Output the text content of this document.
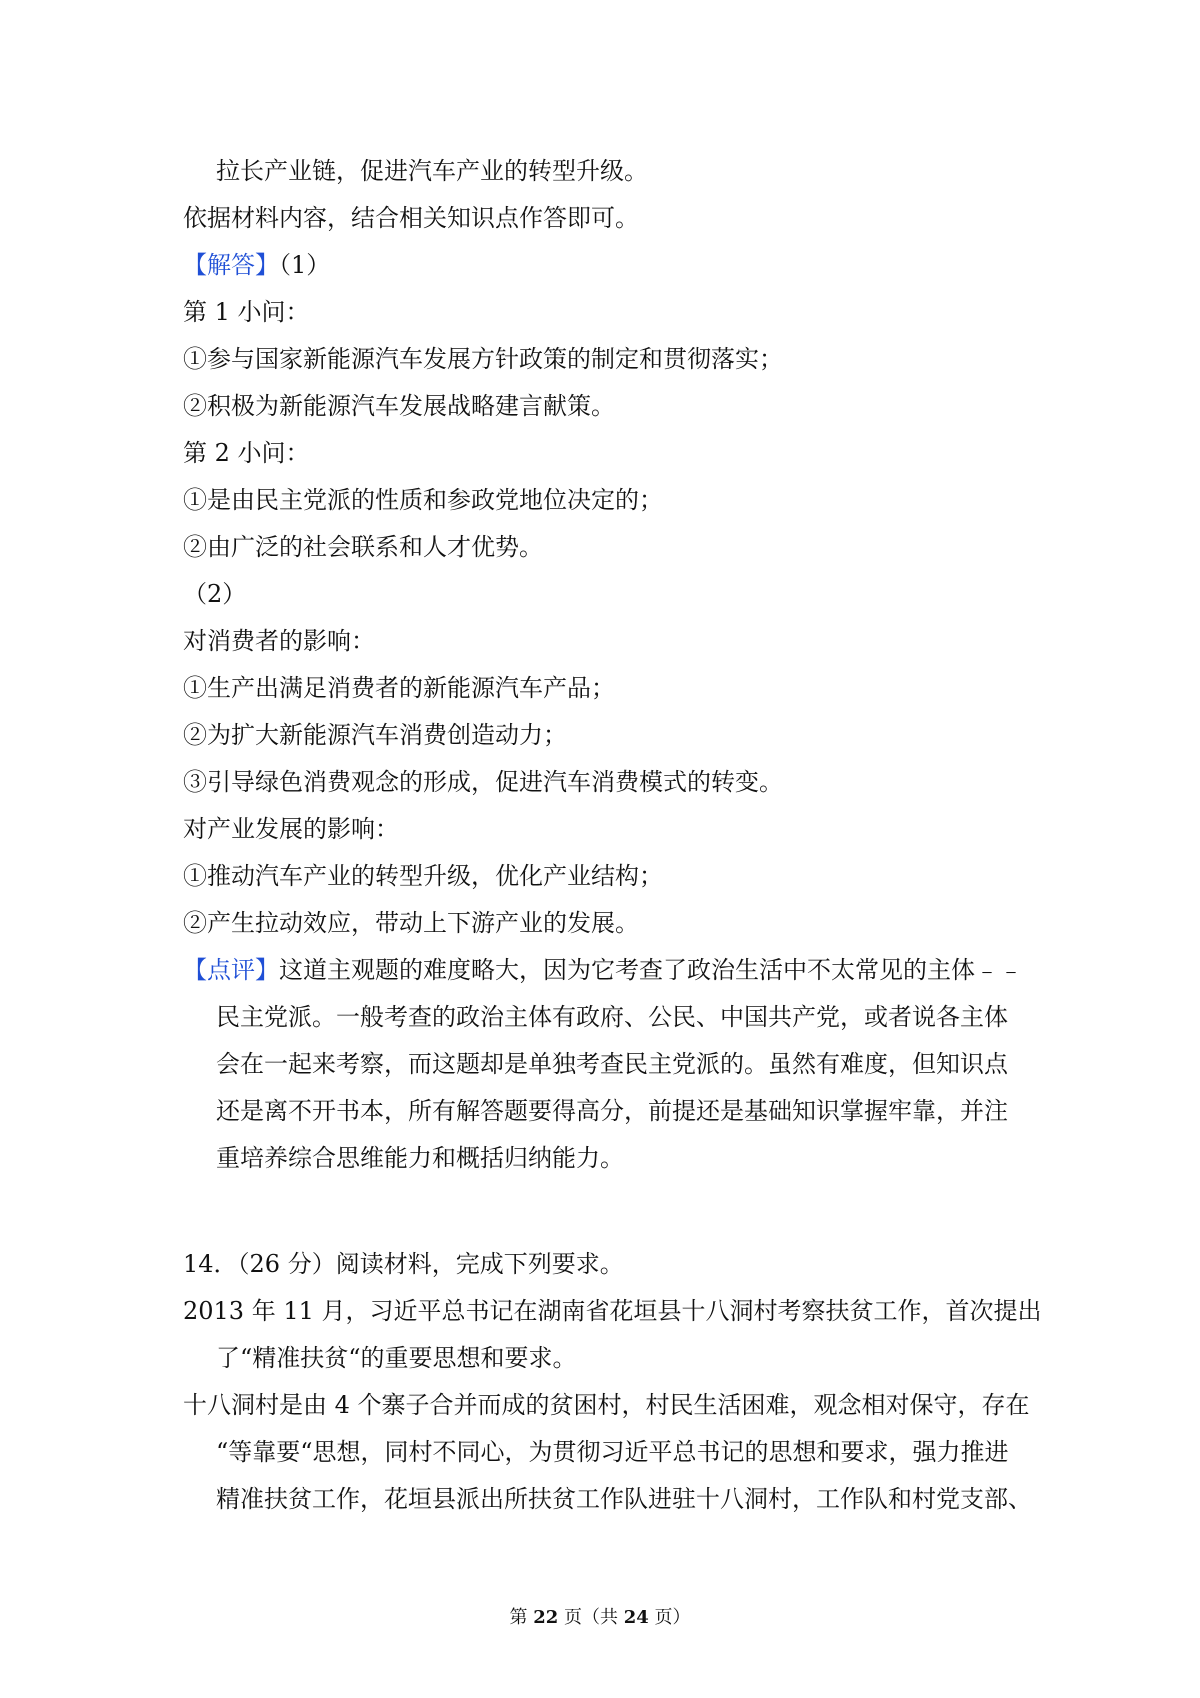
拉长产业链，促进汽车产业的转型升级。
依据材料内容，结合相关知识点作答即可。
【解答】（1）
第 1 小问：
①参与国家新能源汽车发展方针政策的制定和贯彻落实；
②积极为新能源汽车发展战略建言献策。
第 2 小问：
①是由民主党派的性质和参政党地位决定的；
②由广泛的社会联系和人才优势。
（2）
对消费者的影响：
①生产出满足消费者的新能源汽车产品；
②为扩大新能源汽车消费创造动力；
③引导绿色消费观念的形成，促进汽车消费模式的转变。
对产业发展的影响：
①推动汽车产业的转型升级，优化产业结构；
②产生拉动效应，带动上下游产业的发展。
【点评】这道主观题的难度略大，因为它考查了政治生活中不太常见的主体﹣﹣
民主党派。一般考查的政治主体有政府、公民、中国共产党，或者说各主体
会在一起来考察，而这题却是单独考查民主党派的。虽然有难度，但知识点
还是离不开书本，所有解答题要得高分，前提还是基础知识掌握牢靠，并注
重培养综合思维能力和概括归纳能力。
14．（26 分）阅读材料，完成下列要求。
2013 年 11 月，习近平总书记在湖南省花垣县十八洞村考察扶贫工作，首次提出
了“精准扶贫“的重要思想和要求。
十八洞村是由 4 个寨子合并而成的贫困村，村民生活困难，观念相对保守，存在
“等靠要“思想，同村不同心，为贯彻习近平总书记的思想和要求，强力推进
精准扶贫工作，花垣县派出所扶贫工作队进驻十八洞村，工作队和村党支部、
第 22 页（共 24 页）
